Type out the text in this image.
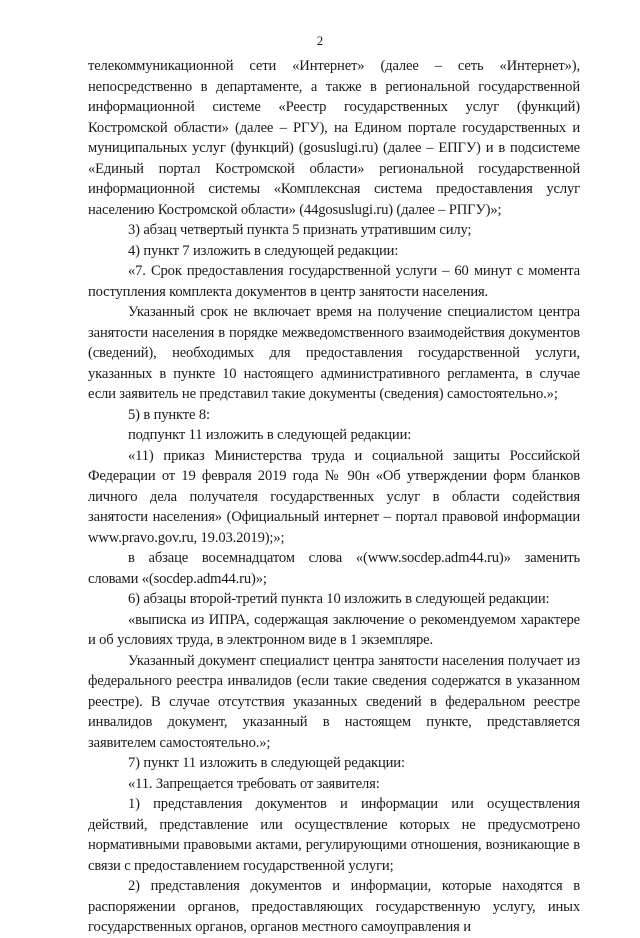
2

телекоммуникационной сети «Интернет» (далее – сеть «Интернет»), непосредственно в департаменте, а также в региональной государственной информационной системе «Реестр государственных услуг (функций) Костромской области» (далее – РГУ), на Едином портале государственных и муниципальных услуг (функций) (gosuslugi.ru) (далее – ЕПГУ) и в подсистеме «Единый портал Костромской области» региональной государственной информационной системы «Комплексная система предоставления услуг населению Костромской области» (44gosuslugi.ru) (далее – РПГУ)»;

3) абзац четвертый пункта 5 признать утратившим силу;

4) пункт 7 изложить в следующей редакции:

«7. Срок предоставления государственной услуги – 60 минут с момента поступления комплекта документов в центр занятости населения.

Указанный срок не включает время на получение специалистом центра занятости населения в порядке межведомственного взаимодействия документов (сведений), необходимых для предоставления государственной услуги, указанных в пункте 10 настоящего административного регламента, в случае если заявитель не представил такие документы (сведения) самостоятельно.»;

5) в пункте 8:

подпункт 11 изложить в следующей редакции:

«11) приказ Министерства труда и социальной защиты Российской Федерации от 19 февраля 2019 года № 90н «Об утверждении форм бланков личного дела получателя государственных услуг в области содействия занятости населения» (Официальный интернет – портал правовой информации www.pravo.gov.ru, 19.03.2019);»;

в абзаце восемнадцатом слова «(www.socdep.adm44.ru)» заменить словами «(socdep.adm44.ru)»;

6) абзацы второй-третий пункта 10 изложить в следующей редакции:

«выписка из ИПРА, содержащая заключение о рекомендуемом характере и об условиях труда, в электронном виде в 1 экземпляре.

Указанный документ специалист центра занятости населения получает из федерального реестра инвалидов (если такие сведения содержатся в указанном реестре). В случае отсутствия указанных сведений в федеральном реестре инвалидов документ, указанный в настоящем пункте, представляется заявителем самостоятельно.»;

7) пункт 11 изложить в следующей редакции:

«11. Запрещается требовать от заявителя:

1) представления документов и информации или осуществления действий, представление или осуществление которых не предусмотрено нормативными правовыми актами, регулирующими отношения, возникающие в связи с предоставлением государственной услуги;

2) представления документов и информации, которые находятся в распоряжении органов, предоставляющих государственную услугу, иных государственных органов, органов местного самоуправления и
